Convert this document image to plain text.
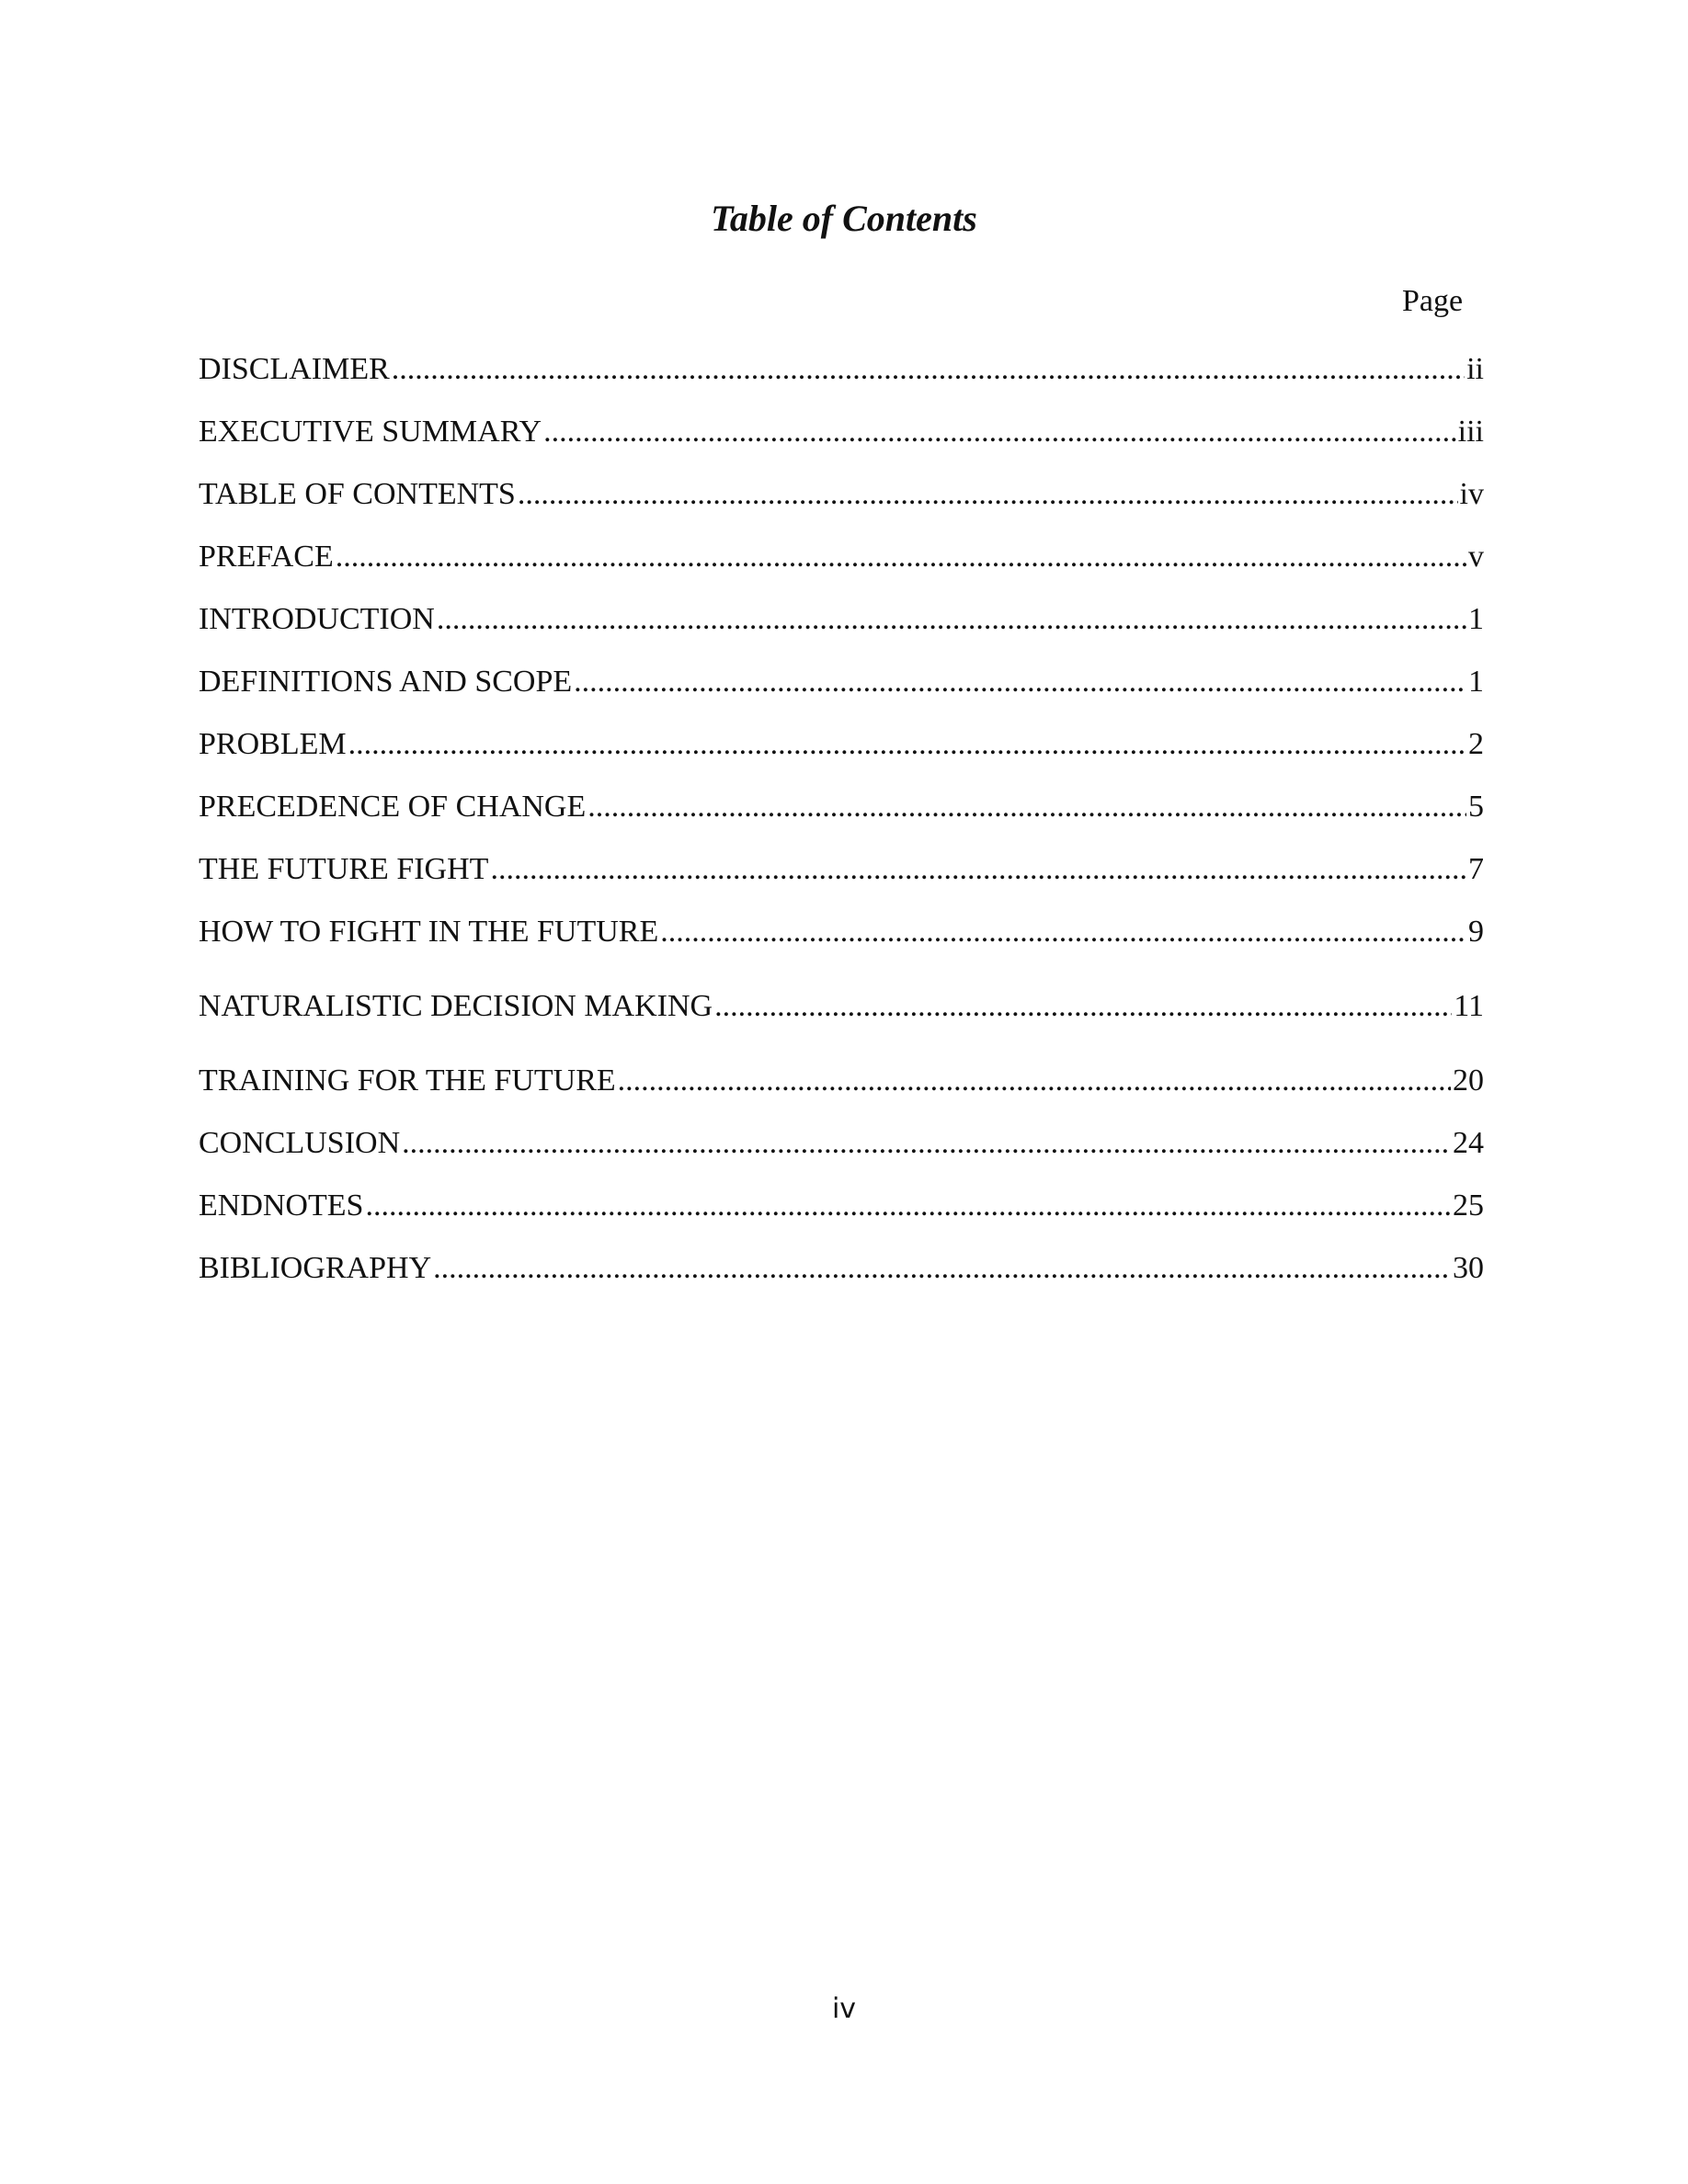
Table of Contents
Page
DISCLAIMER .....	ii
EXECUTIVE SUMMARY .....	iii
TABLE OF CONTENTS .....	iv
PREFACE .....	v
INTRODUCTION .....	1
DEFINITIONS AND SCOPE .....	1
PROBLEM .....	2
PRECEDENCE OF CHANGE .....	5
THE FUTURE FIGHT .....	7
HOW TO FIGHT IN THE FUTURE .....	9
NATURALISTIC DECISION MAKING .....	11
TRAINING FOR THE FUTURE .....	20
CONCLUSION .....	24
ENDNOTES .....	25
BIBLIOGRAPHY .....	30
iv
